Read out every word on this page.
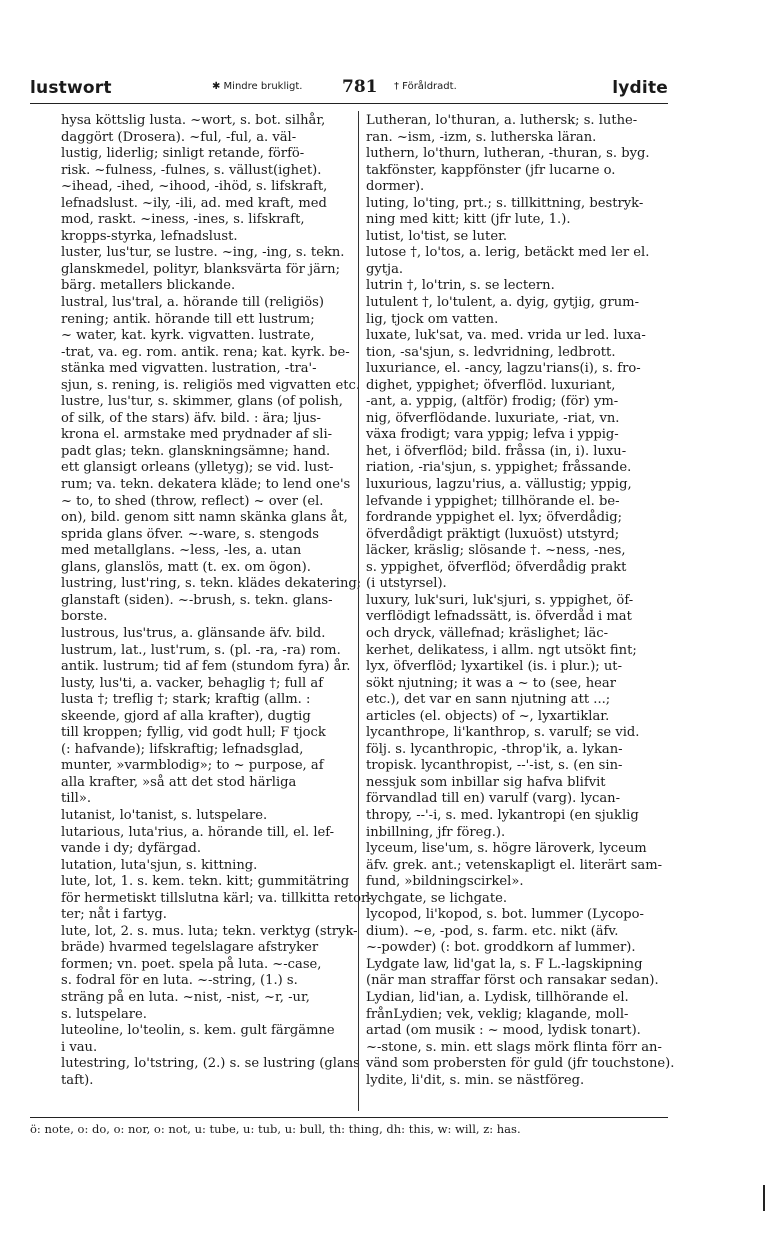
lustwort	✱ Mindre brukligt. 781 † Föråldradt.	lydite
hysa köttslig lusta. ~wort, s. bot. silhår,
daggört (Drosera). ~ful, -ful, a. väl-
lustig, liderlig; sinligt retande, förfö-
risk. ~fulness, -fulnes, s. vällust(ighet).
~ihead, -ihed, ~ihood, -ihöd, s. lifskraft,
lefnadslust. ~ily, -ili, ad. med kraft, med
mod, raskt. ~iness, -ines, s. lifskraft,
kropps-styrka, lefnadslust.
luster, lus'tur, se lustre. ~ing, -ing, s. tekn.
glanskmedel, polityr, blanksvärta för järn;
bärg. metallers blickande.
lustral, lus'tral, a. hörande till (religiös)
rening; antik. hörande till ett lustrum;
~ water, kat. kyrk. vigvatten. lustrate,
-trat, va. eg. rom. antik. rena; kat. kyrk. be-
stänka med vigvatten. lustration, -tra'-
sjun, s. rening, is. religiös med vigvatten etc.
lustre, lus'tur, s. skimmer, glans (of polish,
of silk, of the stars) äfv. bild. : ära; ljus-
krona el. armstake med prydnader af sli-
padt glas; tekn. glanskningsämne; hand.
ett glansigt orleans (ylletyg); se vid. lust-
rum; va. tekn. dekatera kläde; to lend one's
~ to, to shed (throw, reflect) ~ over (el.
on), bild. genom sitt namn skänka glans åt,
sprida glans öfver. ~-ware, s. stengods
med metallglans. ~less, -les, a. utan
glans, glanslös, matt (t. ex. om ögon).
lustring, lust'ring, s. tekn. klädes dekatering;
glanstaft (siden). ~-brush, s. tekn. glans-
borste.
lustrous, lus'trus, a. glänsande äfv. bild.
lustrum, lat., lust'rum, s. (pl. -ra, -ra) rom.
antik. lustrum; tid af fem (stundom fyra) år.
lusty, lus'ti, a. vacker, behaglig †; full af
lusta †; treflig †; stark; kraftig (allm. :
skeende, gjord af alla krafter), dugtig
till kroppen; fyllig, vid godt hull; F tjock
(: hafvande); lifskraftig; lefnadsglad,
munter, »varmblodig»; to ~ purpose, af
alla krafter, »så att det stod härliga
till».
lutanist, lo'tanist, s. lutspelare.
lutarious, luta'rius, a. hörande till, el. lef-
vande i dy; dyfärgad.
lutation, luta'sjun, s. kittning.
lute, lot, 1. s. kem. tekn. kitt; gummitätring
för hermetiskt tillslutna kärl; va. tillkitta retor-
ter; nåt i fartyg.
lute, lot, 2. s. mus. luta; tekn. verktyg (stryk-
bräde) hvarmed tegelslagare afstryker
formen; vn. poet. spela på luta. ~-case,
s. fodral för en luta. ~-string, (1.) s.
sträng på en luta. ~nist, -nist, ~r, -ur,
s. lutspelare.
luteoline, lo'teolin, s. kem. gult färgämne
i vau.
lutestring, lo'tstring, (2.) s. se lustring (glans
taft).
Lutheran, lo'thuran, a. luthersk; s. luthe-
ran. ~ism, -izm, s. lutherska läran.
luthern, lo'thurn, lutheran, -thuran, s. byg.
takfönster, kappfönster (jfr lucarne o.
dormer).
luting, lo'ting, prt.; s. tillkittning, bestryk-
ning med kitt; kitt (jfr lute, 1.).
lutist, lo'tist, se luter.
lutose †, lo'tos, a. lerig, betäckt med ler el.
gytja.
lutrin †, lo'trin, s. se lectern.
lutulent †, lo'tulent, a. dyig, gytjig, grum-
lig, tjock om vatten.
luxate, luk'sat, va. med. vrida ur led. luxa-
tion, -sa'sjun, s. ledvridning, ledbrott.
luxuriance, el. -ancy, lagzu'rians(i), s. fro-
dighet, yppighet; öfverflöd. luxuriant,
-ant, a. yppig, (altför) frodig; (för) ym-
nig, öfverflödande. luxuriate, -riat, vn.
växa frodigt; vara yppig; lefva i yppig-
het, i öfverflöd; bild. fråssa (in, i). luxu-
riation, -ria'sjun, s. yppighet; fråssande.
luxurious, lagzu'rius, a. vällustig; yppig,
lefvande i yppighet; tillhörande el. be-
fordrande yppighet el. lyx; öfverdådig;
öfverdådigt präktigt (luxuöst) utstyrd;
läcker, kräslig; slösande †. ~ness, -nes,
s. yppighet, öfverflöd; öfverdådig prakt
(i utstyrsel).
luxury, luk'suri, luk'sjuri, s. yppighet, öf-
verflödigt lefnadssätt, is. öfverdåd i mat
och dryck, vällefnad; kräslighet; läc-
kerhet, delikatess, i allm. ngt utsökt fint;
lyx, öfverflöd; lyxartikel (is. i plur.); ut-
sökt njutning; it was a ~ to (see, hear
etc.), det var en sann njutning att ...;
articles (el. objects) of ~, lyxartiklar.
lycanthrope, li'kanthrop, s. varulf; se vid.
följ. s. lycanthropic, -throp'ik, a. lykan-
tropisk. lycanthropist, --'-ist, s. (en sin-
nessjuk som inbillar sig hafva blifvit
förvandlad till en) varulf (varg). lycan-
thropy, --'-i, s. med. lykantropi (en sjuklig
inbillning, jfr föreg.).
lyceum, lise'um, s. högre läroverk, lyceum
äfv. grek. ant.; vetenskapligt el. literärt sam-
fund, »bildningscirkel».
lychgate, se lichgate.
lycopod, li'kopod, s. bot. lummer (Lycopo-
dium). ~e, -pod, s. farm. etc. nikt (äfv.
~-powder) (: bot. groddkorn af lummer).
Lydgate law, lid'gat la, s. F L.-lagskipning
(när man straffar först och ransakar sedan).
Lydian, lid'ian, a. Lydisk, tillhörande el.
frånLydien; vek, veklig; klagande, moll-
artad (om musik : ~ mood, lydisk tonart).
~-stone, s. min. ett slags mörk flinta förr an-
vänd som probersten för guld (jfr touchstone).
lydite, li'dit, s. min. se nästföreg.
ö: note, o: do, o: nor, o: not, u: tube, u: tub, u: bull, th: thing, dh: this, w: will, z: has.
